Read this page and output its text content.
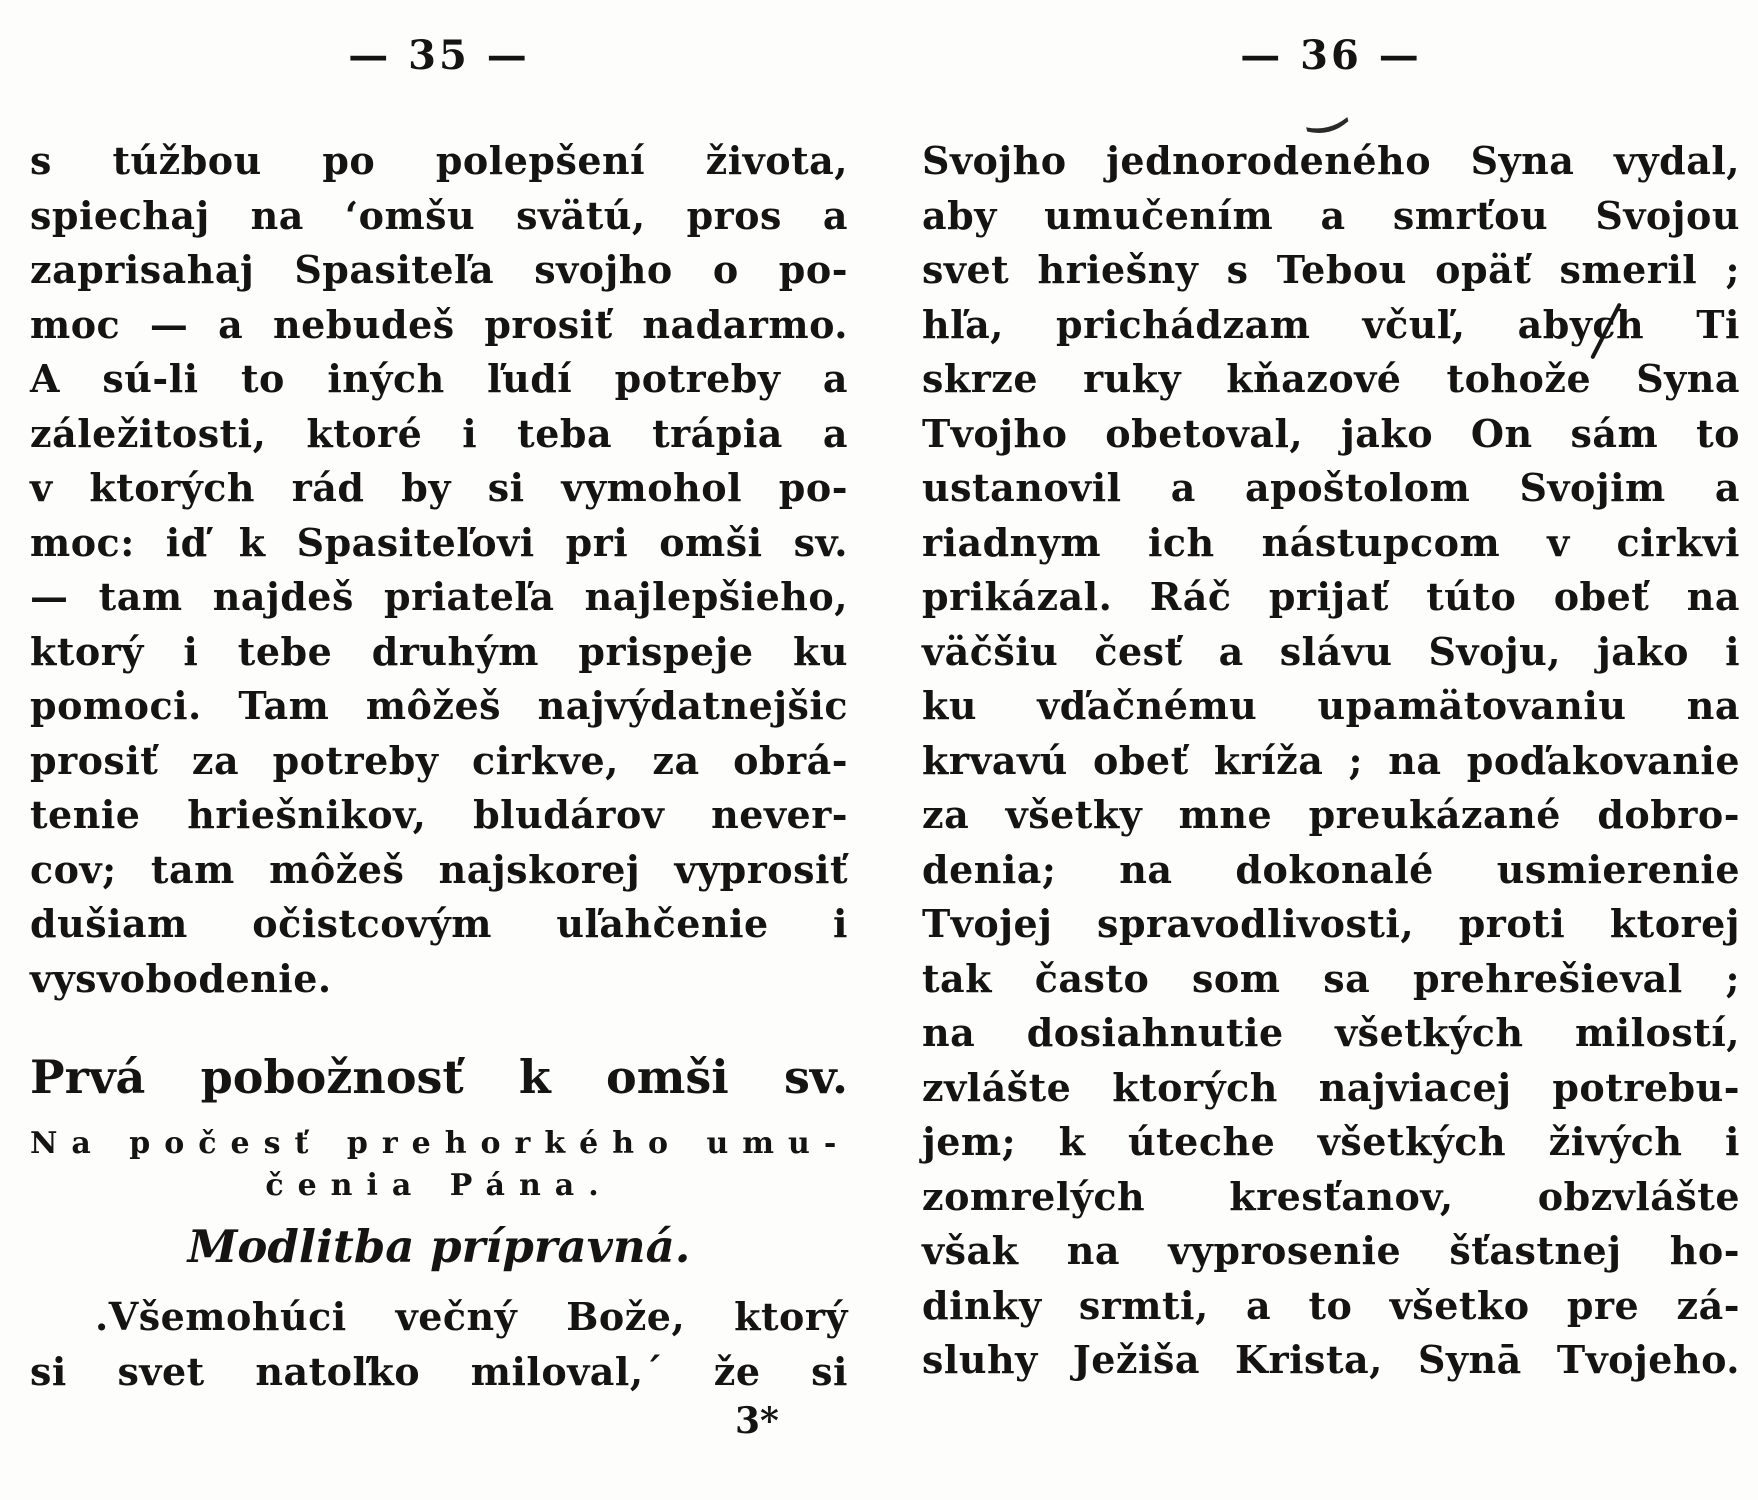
— 35 —
s túžbou po polepšení života,
spiechaj na ʻomšu svätú, pros a
zaprisahaj Spasiteľa svojho o po-
moc — a nebudeš prosiť nadarmo.
A sú-li to iných ľudí potreby a
záležitosti, ktoré i teba trápia a
v ktorých rád by si vymohol po-
moc: iď k Spasiteľovi pri omši sv.
— tam najdeš priateľa najlepšieho,
ktorý i tebe druhým prispeje ku
pomoci. Tam môžeš najvýdatnejšic
prosiť za potreby cirkve, za obrá-
tenie hriešnikov, bludárov never-
cov; tam môžeš najskorej vyprosiť
dušiam očistcovým uľahčenie i
vysvobodenie.
Prvá pobožnosť k omši sv.
Na počesť prehorkého umu-
čenia Pána.
Modlitba prípravná.
.Všemohúci večný Bože, ktorý
si svet natoľko miloval,´ že si
3*
— 36 —
‿
Svojho jednorodeného Syna vydal,
aby umučením a smrťou Svojou
svet hriešny s Tebou opäť smeril ;
hľa, prichádzam včuľ, abych Ti
skrze ruky kňazové tohože Syna
Tvojho obetoval, jako On sám to
ustanovil a apoštolom Svojim a
riadnym ich nástupcom v cirkvi
prikázal. Ráč prijať túto obeť na
väčšiu česť a slávu Svoju, jako i
ku vďačnému upamätovaniu na
krvavú obeť kríža ; na poďakovanie
za všetky mne preukázané dobro-
denia; na dokonalé usmierenie
Tvojej spravodlivosti, proti ktorej
tak často som sa prehrešieval ;
na dosiahnutie všetkých milostí,
zvlášte ktorých najviacej potrebu-
jem; k úteche všetkých živých i
zomrelých kresťanov, obzvlášte
však na vyprosenie šťastnej ho-
dinky srmti, a to všetko pre zá-
sluhy Ježiša Krista, Synā Tvojeho.
